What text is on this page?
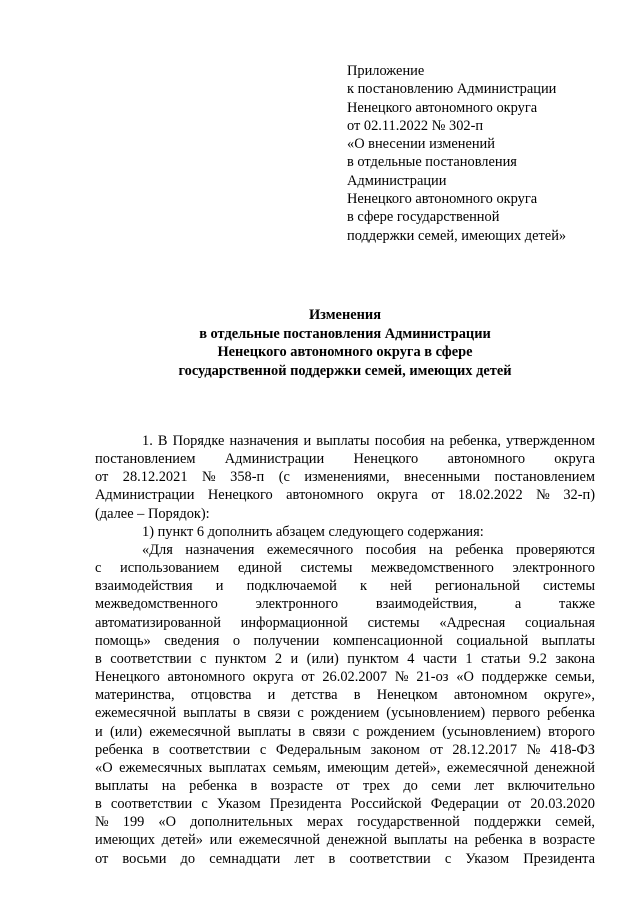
Приложение
к постановлению Администрации
Ненецкого автономного округа
от 02.11.2022 № 302-п
«О внесении изменений
в отдельные постановления
Администрации
Ненецкого автономного округа
в сфере государственной
поддержки семей, имеющих детей»
Изменения
в отдельные постановления Администрации
Ненецкого автономного округа в сфере
государственной поддержки семей, имеющих детей
1. В Порядке назначения и выплаты пособия на ребенка, утвержденном
постановлением Администрации Ненецкого автономного округа
от 28.12.2021 № 358-п (с изменениями, внесенными постановлением
Администрации Ненецкого автономного округа от 18.02.2022 № 32-п)
(далее – Порядок):
1) пункт 6 дополнить абзацем следующего содержания:
«Для назначения ежемесячного пособия на ребенка проверяются
с использованием единой системы межведомственного электронного
взаимодействия и подключаемой к ней региональной системы
межведомственного электронного взаимодействия, а также
автоматизированной информационной системы «Адресная социальная
помощь» сведения о получении компенсационной социальной выплаты
в соответствии с пунктом 2 и (или) пунктом 4 части 1 статьи 9.2 закона
Ненецкого автономного округа от 26.02.2007 № 21-оз «О поддержке семьи,
материнства, отцовства и детства в Ненецком автономном округе»,
ежемесячной выплаты в связи с рождением (усыновлением) первого ребенка
и (или) ежемесячной выплаты в связи с рождением (усыновлением) второго
ребенка в соответствии с Федеральным законом от 28.12.2017 № 418-ФЗ
«О ежемесячных выплатах семьям, имеющим детей», ежемесячной денежной
выплаты на ребенка в возрасте от трех до семи лет включительно
в соответствии с Указом Президента Российской Федерации от 20.03.2020
№ 199 «О дополнительных мерах государственной поддержки семей,
имеющих детей» или ежемесячной денежной выплаты на ребенка в возрасте
от восьми до семнадцати лет в соответствии с Указом Президента
